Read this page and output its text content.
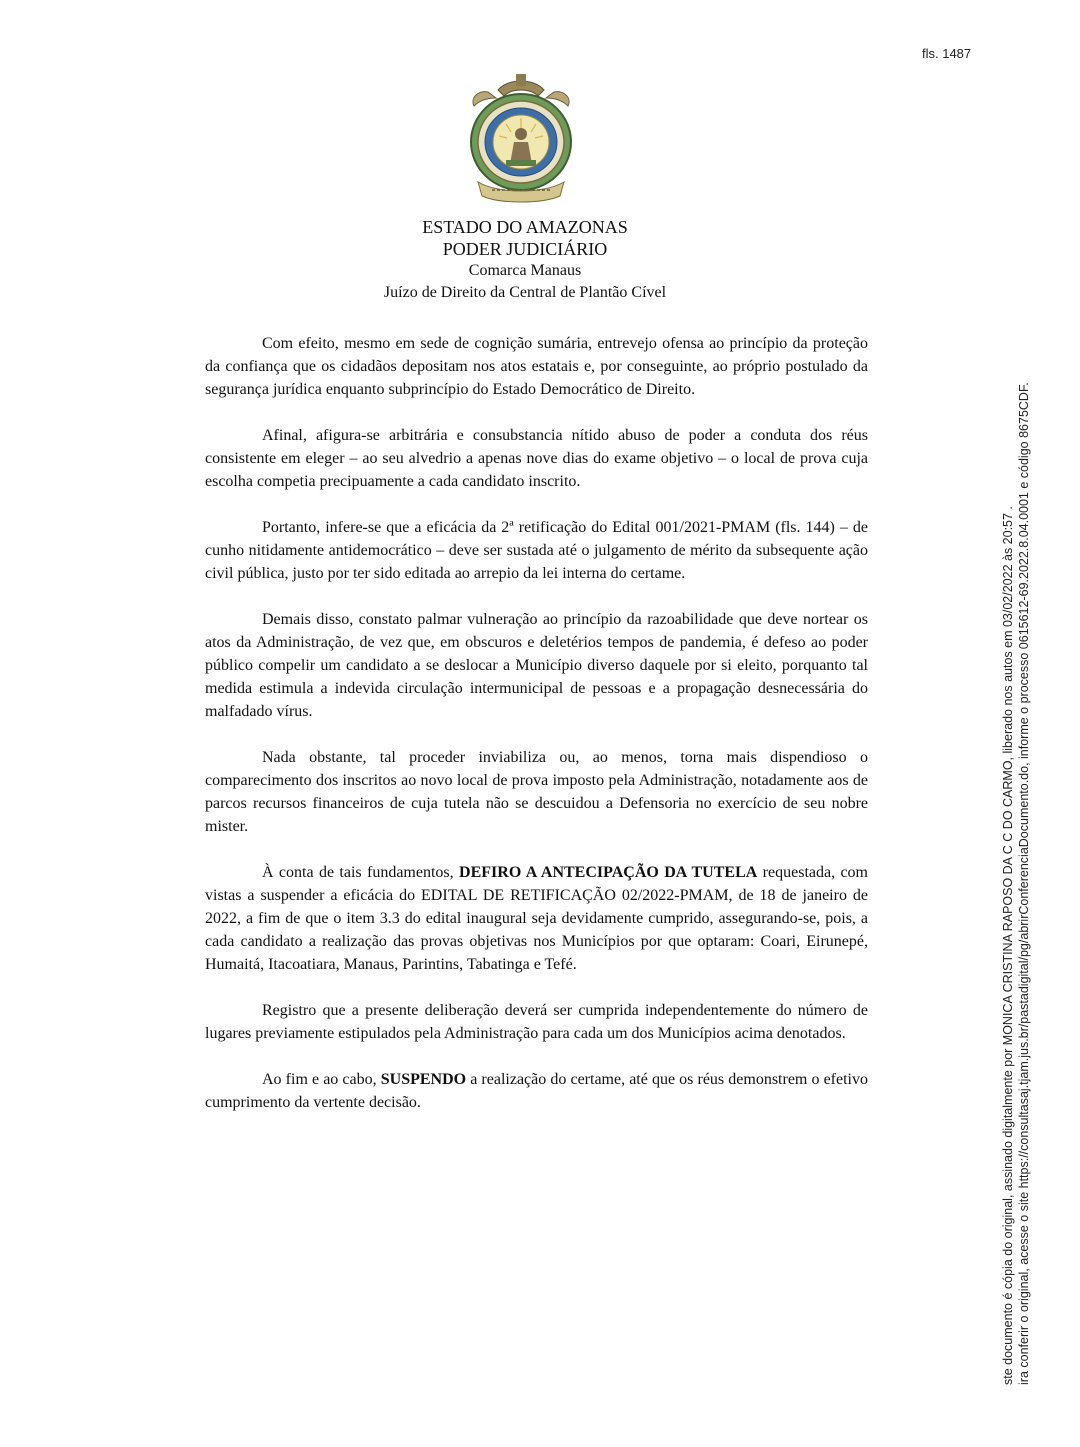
fls. 1487
ESTADO DO AMAZONAS
PODER JUDICIÁRIO
Comarca Manaus
Juízo de Direito da Central de Plantão Cível

Com efeito, mesmo em sede de cognição sumária, entrevejo ofensa ao princípio da proteção da confiança que os cidadãos depositam nos atos estatais e, por conseguinte, ao próprio postulado da segurança jurídica enquanto subprincípio do Estado Democrático de Direito.

Afinal, afigura-se arbitrária e consubstancia nítido abuso de poder a conduta dos réus consistente em eleger – ao seu alvedrio a apenas nove dias do exame objetivo – o local de prova cuja escolha competia precipuamente a cada candidato inscrito.

Portanto, infere-se que a eficácia da 2ª retificação do Edital 001/2021-PMAM (fls. 144) – de cunho nitidamente antidemocrático – deve ser sustada até o julgamento de mérito da subsequente ação civil pública, justo por ter sido editada ao arrepio da lei interna do certame.

Demais disso, constato palmar vulneração ao princípio da razoabilidade que deve nortear os atos da Administração, de vez que, em obscuros e deletérios tempos de pandemia, é defeso ao poder público compelir um candidato a se deslocar a Município diverso daquele por si eleito, porquanto tal medida estimula a indevida circulação intermunicipal de pessoas e a propagação desnecessária do malfadado vírus.

Nada obstante, tal proceder inviabiliza ou, ao menos, torna mais dispendioso o comparecimento dos inscritos ao novo local de prova imposto pela Administração, notadamente aos de parcos recursos financeiros de cuja tutela não se descuidou a Defensoria no exercício de seu nobre mister.

À conta de tais fundamentos, DEFIRO A ANTECIPAÇÃO DA TUTELA requestada, com vistas a suspender a eficácia do EDITAL DE RETIFICAÇÃO 02/2022-PMAM, de 18 de janeiro de 2022, a fim de que o item 3.3 do edital inaugural seja devidamente cumprido, assegurando-se, pois, a cada candidato a realização das provas objetivas nos Municípios por que optaram: Coari, Eirunepé, Humaitá, Itacoatiara, Manaus, Parintins, Tabatinga e Tefé.

Registro que a presente deliberação deverá ser cumprida independentemente do número de lugares previamente estipulados pela Administração para cada um dos Municípios acima denotados.

Ao fim e ao cabo, SUSPENDO a realização do certame, até que os réus demonstrem o efetivo cumprimento da vertente decisão.	ste documento é cópia do original, assinado digitalmente por MONICA CRISTINA RAPOSO DA C C DO CARMO, liberado nos autos em 03/02/2022 às 20:57 . ira conferir o original, acesse o site https://consultasaj.tjam.jus.br/pastadigital/pg/abrirConferenciaDocumento.do, informe o processo 0615612-69.2022.8.04.0001 e código 8675CDF.
